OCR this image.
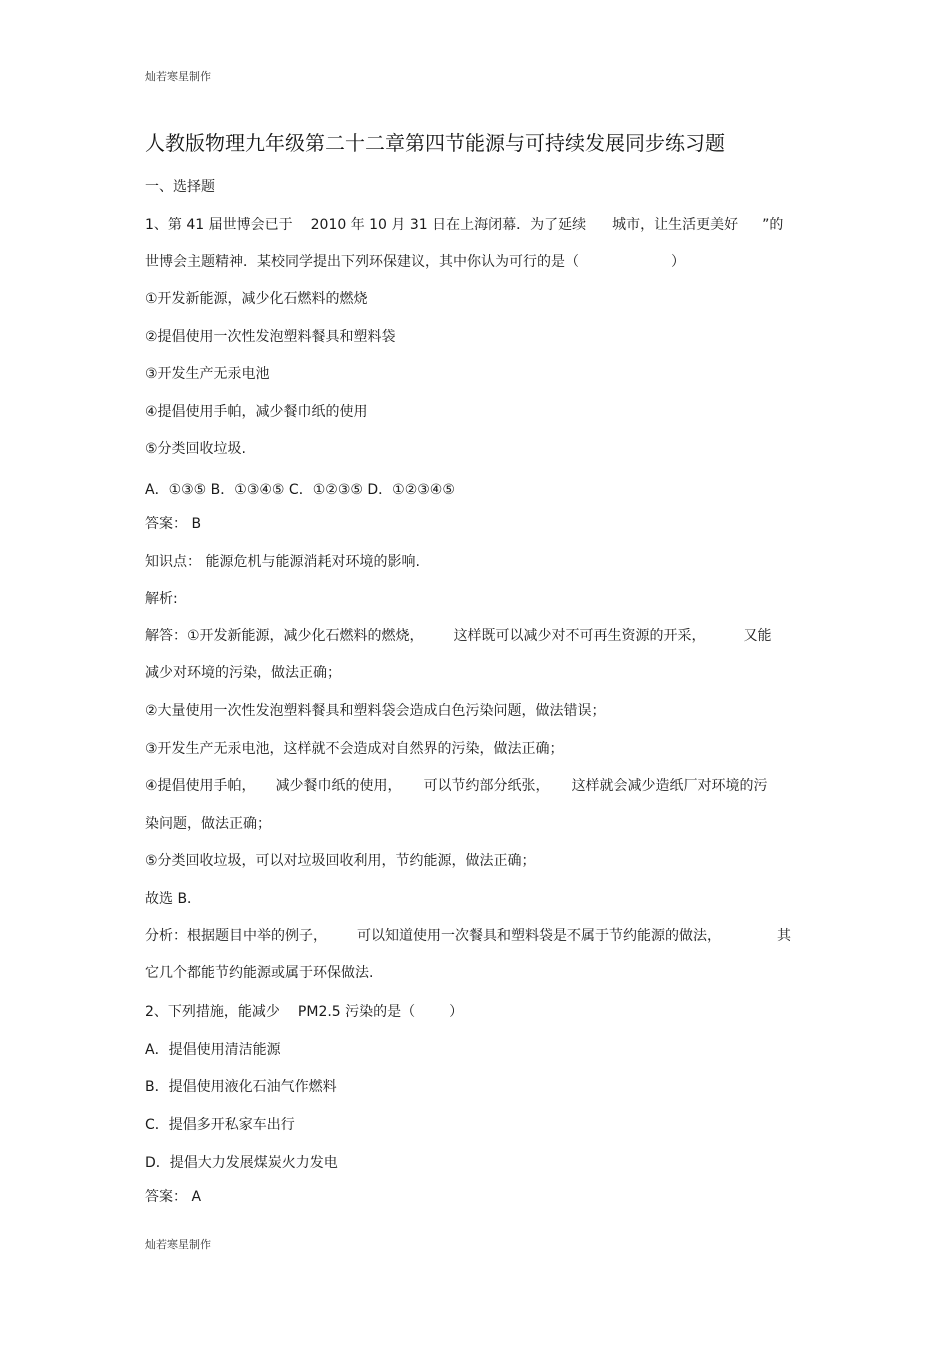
灿若寒星制作
人教版物理九年级第二十二章第四节能源与可持续发展同步练习题
一、选择题
1、第 41 届世博会已于 2010 年 10 月 31 日在上海闭幕．为了延续 城市，让生活更美好 ”的
世博会主题精神．某校同学提出下列环保建议，其中你认为可行的是（	）
①开发新能源，减少化石燃料的燃烧
②提倡使用一次性发泡塑料餐具和塑料袋
③开发生产无汞电池
④提倡使用手帕，减少餐巾纸的使用
⑤分类回收垃圾.
A．①③⑤ B．①③④⑤ C．①②③⑤ D．①②③④⑤
答案： B
知识点： 能源危机与能源消耗对环境的影响.
解析:
解答：①开发新能源，减少化石燃料的燃烧， 这样既可以减少对不可再生资源的开采，	又能
减少对环境的污染，做法正确；
②大量使用一次性发泡塑料餐具和塑料袋会造成白色污染问题，做法错误；
③开发生产无汞电池，这样就不会造成对自然界的污染，做法正确；
④提倡使用手帕， 减少餐巾纸的使用， 可以节约部分纸张， 这样就会减少造纸厂对环境的污
染问题，做法正确；
⑤分类回收垃圾，可以对垃圾回收利用，节约能源，做法正确；
故选 B．
分析：根据题目中举的例子， 可以知道使用一次餐具和塑料袋是不属于节约能源的做法，	其
它几个都能节约能源或属于环保做法.
2、下列措施，能减少 PM2.5 污染的是（ ）
A．提倡使用清洁能源
B．提倡使用液化石油气作燃料
C．提倡多开私家车出行
D．提倡大力发展煤炭火力发电
答案： A
灿若寒星制作
